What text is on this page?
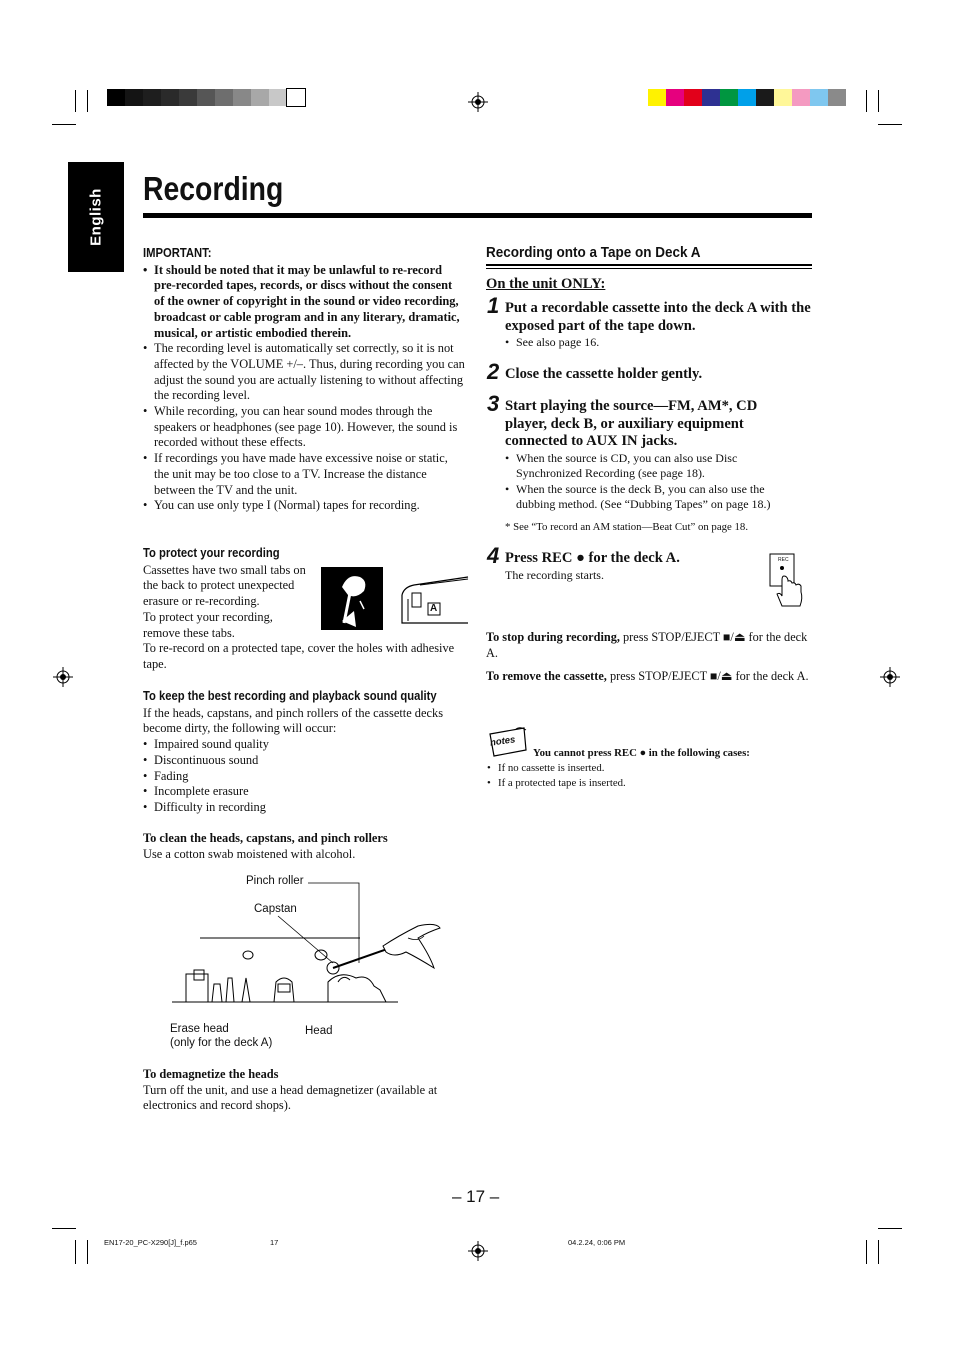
English Recording
IMPORTANT:
• It should be noted that it may be unlawful to re-record pre-recorded tapes, records, or discs without the consent of the owner of copyright in the sound or video recording, broadcast or cable program and in any literary, dramatic, musical, or artistic embodied therein.
• The recording level is automatically set correctly, so it is not affected by the VOLUME +/–. Thus, during recording you can adjust the sound you are actually listening to without affecting the recording level.
• While recording, you can hear sound modes through the speakers or headphones (see page 10). However, the sound is recorded without these effects.
• If recordings you have made have excessive noise or static, the unit may be too close to a TV. Increase the distance between the TV and the unit.
• You can use only type I (Normal) tapes for recording.
To protect your recording
Cassettes have two small tabs on
the back to protect unexpected
erasure or re-recording.
To protect your recording,
remove these tabs.
To re-record on a protected tape, cover the holes with adhesive tape.
A
To keep the best recording and playback sound quality
If the heads, capstans, and pinch rollers of the cassette decks become dirty, the following will occur:
• Impaired sound quality
• Discontinuous sound
• Fading
• Incomplete erasure
• Difficulty in recording
To clean the heads, capstans, and pinch rollers
Use a cotton swab moistened with alcohol.
Pinch roller
Capstan
Erase head
(only for the deck A)
Head
To demagnetize the heads
Turn off the unit, and use a head demagnetizer (available at electronics and record shops).
Recording onto a Tape on Deck A
On the unit ONLY:
1 Put a recordable cassette into the deck A with the exposed part of the tape down.
• See also page 16.
2 Close the cassette holder gently.
3 Start playing the source—FM, AM*, CD player, deck B, or auxiliary equipment connected to AUX IN jacks.
• When the source is CD, you can also use Disc Synchronized Recording (see page 18).
• When the source is the deck B, you can also use the dubbing method. (See “Dubbing Tapes” on page 18.)
* See “To record an AM station—Beat Cut” on page 18.
4 Press REC ● for the deck A.
The recording starts.
REC
To stop during recording, press STOP/EJECT ■/⏏ for the deck A.
To remove the cassette, press STOP/EJECT ■/⏏ for the deck A.
notes
You cannot press REC ● in the following cases:
• If no cassette is inserted.
• If a protected tape is inserted.
– 17 –
EN17-20_PC-X290[J]_f.p65	17	04.2.24, 0:06 PM
